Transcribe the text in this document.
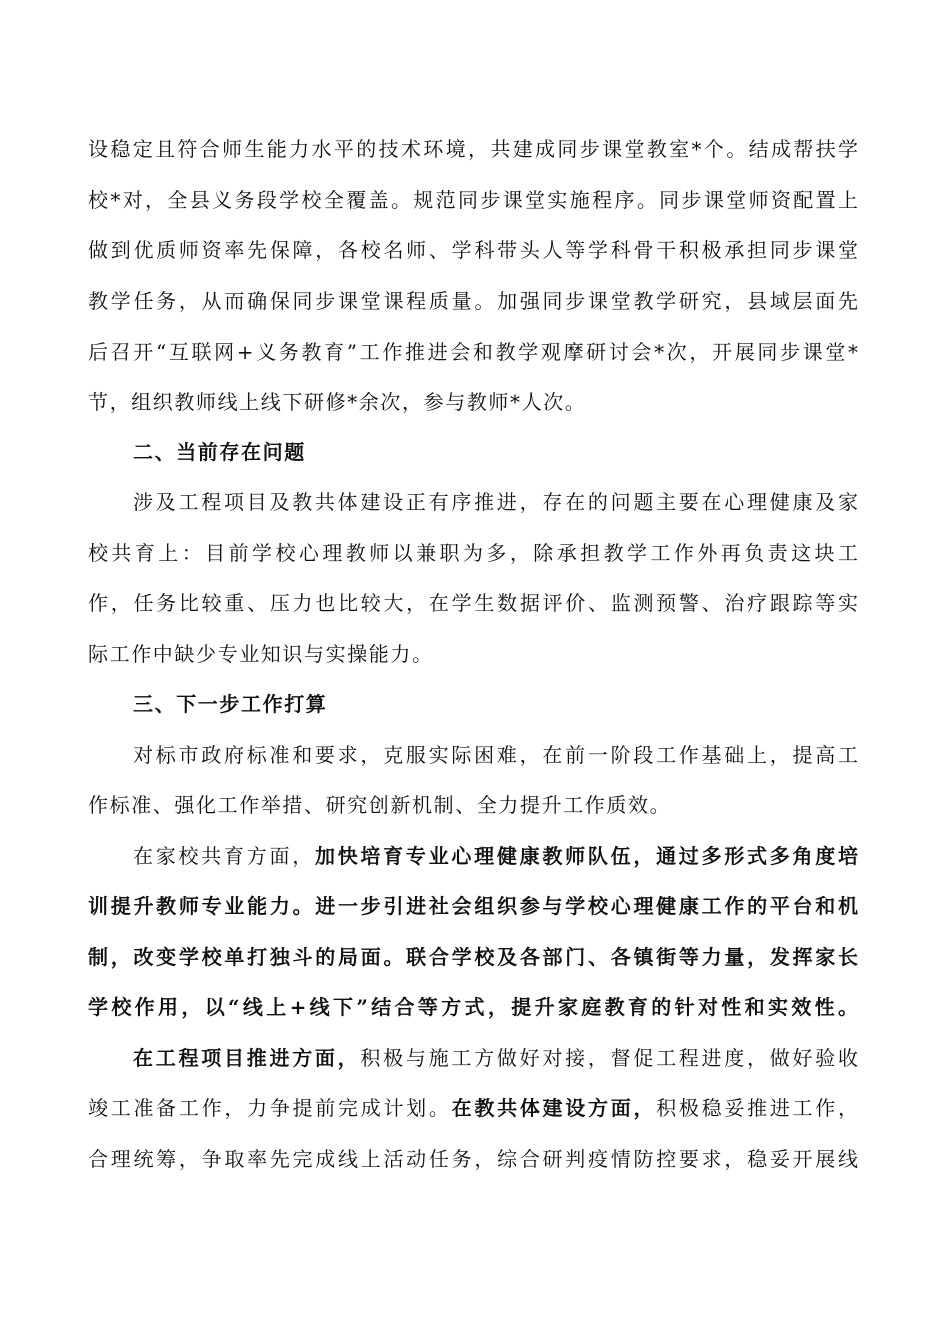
设稳定且符合师生能力水平的技术环境，共建成同步课堂教室*个。结成帮扶学
校*对，全县义务段学校全覆盖。规范同步课堂实施程序。同步课堂师资配置上
做到优质师资率先保障，各校名师、学科带头人等学科骨干积极承担同步课堂
教学任务，从而确保同步课堂课程质量。加强同步课堂教学研究，县域层面先
后召开“互联网+义务教育”工作推进会和教学观摩研讨会*次，开展同步课堂*
节，组织教师线上线下研修*余次，参与教师*人次。
二、当前存在问题
涉及工程项目及教共体建设正有序推进，存在的问题主要在心理健康及家
校共育上：目前学校心理教师以兼职为多，除承担教学工作外再负责这块工
作，任务比较重、压力也比较大，在学生数据评价、监测预警、治疗跟踪等实
际工作中缺少专业知识与实操能力。
三、下一步工作打算
对标市政府标准和要求，克服实际困难，在前一阶段工作基础上，提高工
作标准、强化工作举措、研究创新机制、全力提升工作质效。
在家校共育方面，加快培育专业心理健康教师队伍，通过多形式多角度培
训提升教师专业能力。进一步引进社会组织参与学校心理健康工作的平台和机
制，改变学校单打独斗的局面。联合学校及各部门、各镇街等力量，发挥家长
学校作用，以“线上+线下”结合等方式，提升家庭教育的针对性和实效性。
在工程项目推进方面，积极与施工方做好对接，督促工程进度，做好验收
竣工准备工作，力争提前完成计划。在教共体建设方面，积极稳妥推进工作，
合理统筹，争取率先完成线上活动任务，综合研判疫情防控要求，稳妥开展线
